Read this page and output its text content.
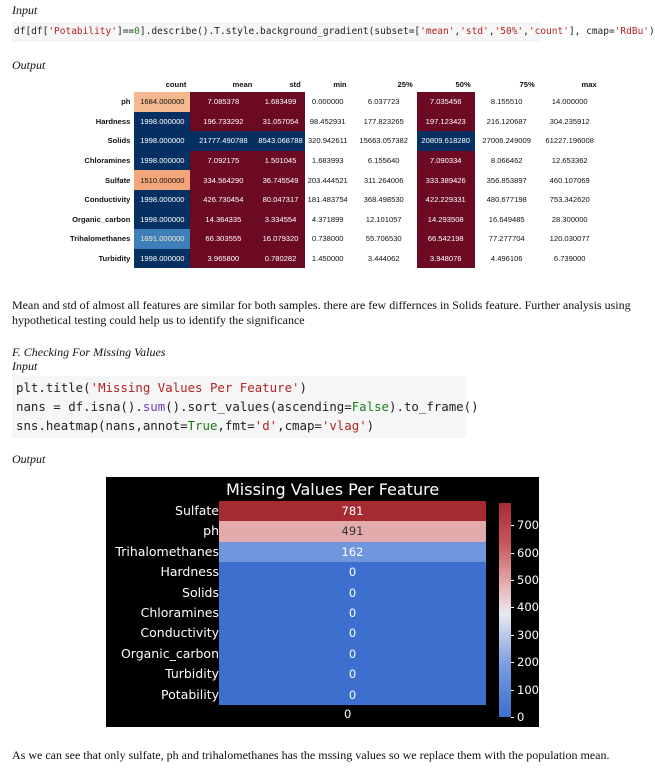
Input
df[df['Potability']==0].describe().T.style.background_gradient(subset=['mean','std','50%','count'], cmap='RdBu')
Output
	count	mean	std	min	25%	50%	75%	max
ph	1684.000000	7.085378	1.683499	0.000000	6.037723	7.035456	8.155510	14.000000
Hardness	1998.000000	196.733292	31.057054	98.452931	177.823265	197.123423	216.120687	304.235912
Solids	1998.000000	21777.490788	8543.068788	320.942611	15663.057382	20809.618280	27006.249009	61227.196008
Chloramines	1998.000000	7.092175	1.501045	1.683993	6.155640	7.090334	8.066462	12.653362
Sulfate	1510.000000	334.564290	36.745549	203.444521	311.264006	333.389426	356.853897	460.107069
Conductivity	1998.000000	426.730454	80.047317	181.483754	368.498530	422.229331	480.677198	753.342620
Organic_carbon	1998.000000	14.364335	3.334554	4.371899	12.101057	14.293508	16.649485	28.300000
Trihalomethanes	1891.000000	66.303555	16.079320	0.738000	55.706530	66.542198	77.277704	120.030077
Turbidity	1998.000000	3.965800	0.780282	1.450000	3.444062	3.948076	4.496106	6.739000
Mean and std of almost all features are similar for both samples. there are few differnces in Solids feature. Further analysis using hypothetical testing could help us to identify the significance
F. Checking For Missing Values
Input
plt.title('Missing Values Per Feature')
nans = df.isna().sum().sort_values(ascending=False).to_frame()
sns.heatmap(nans,annot=True,fmt='d',cmap='vlag')
Output
Missing Values Per Feature
Sulfate	781
ph	491
Trihalomethanes	162
Hardness	0
Solids	0
Chloramines	0
Conductivity	0
Organic_carbon	0
Turbidity	0
Potability	0
0	0
100
200
300
400
500
600
700
As we can see that only sulfate, ph and trihalomethanes has the mssing values so we replace them with the population mean.
